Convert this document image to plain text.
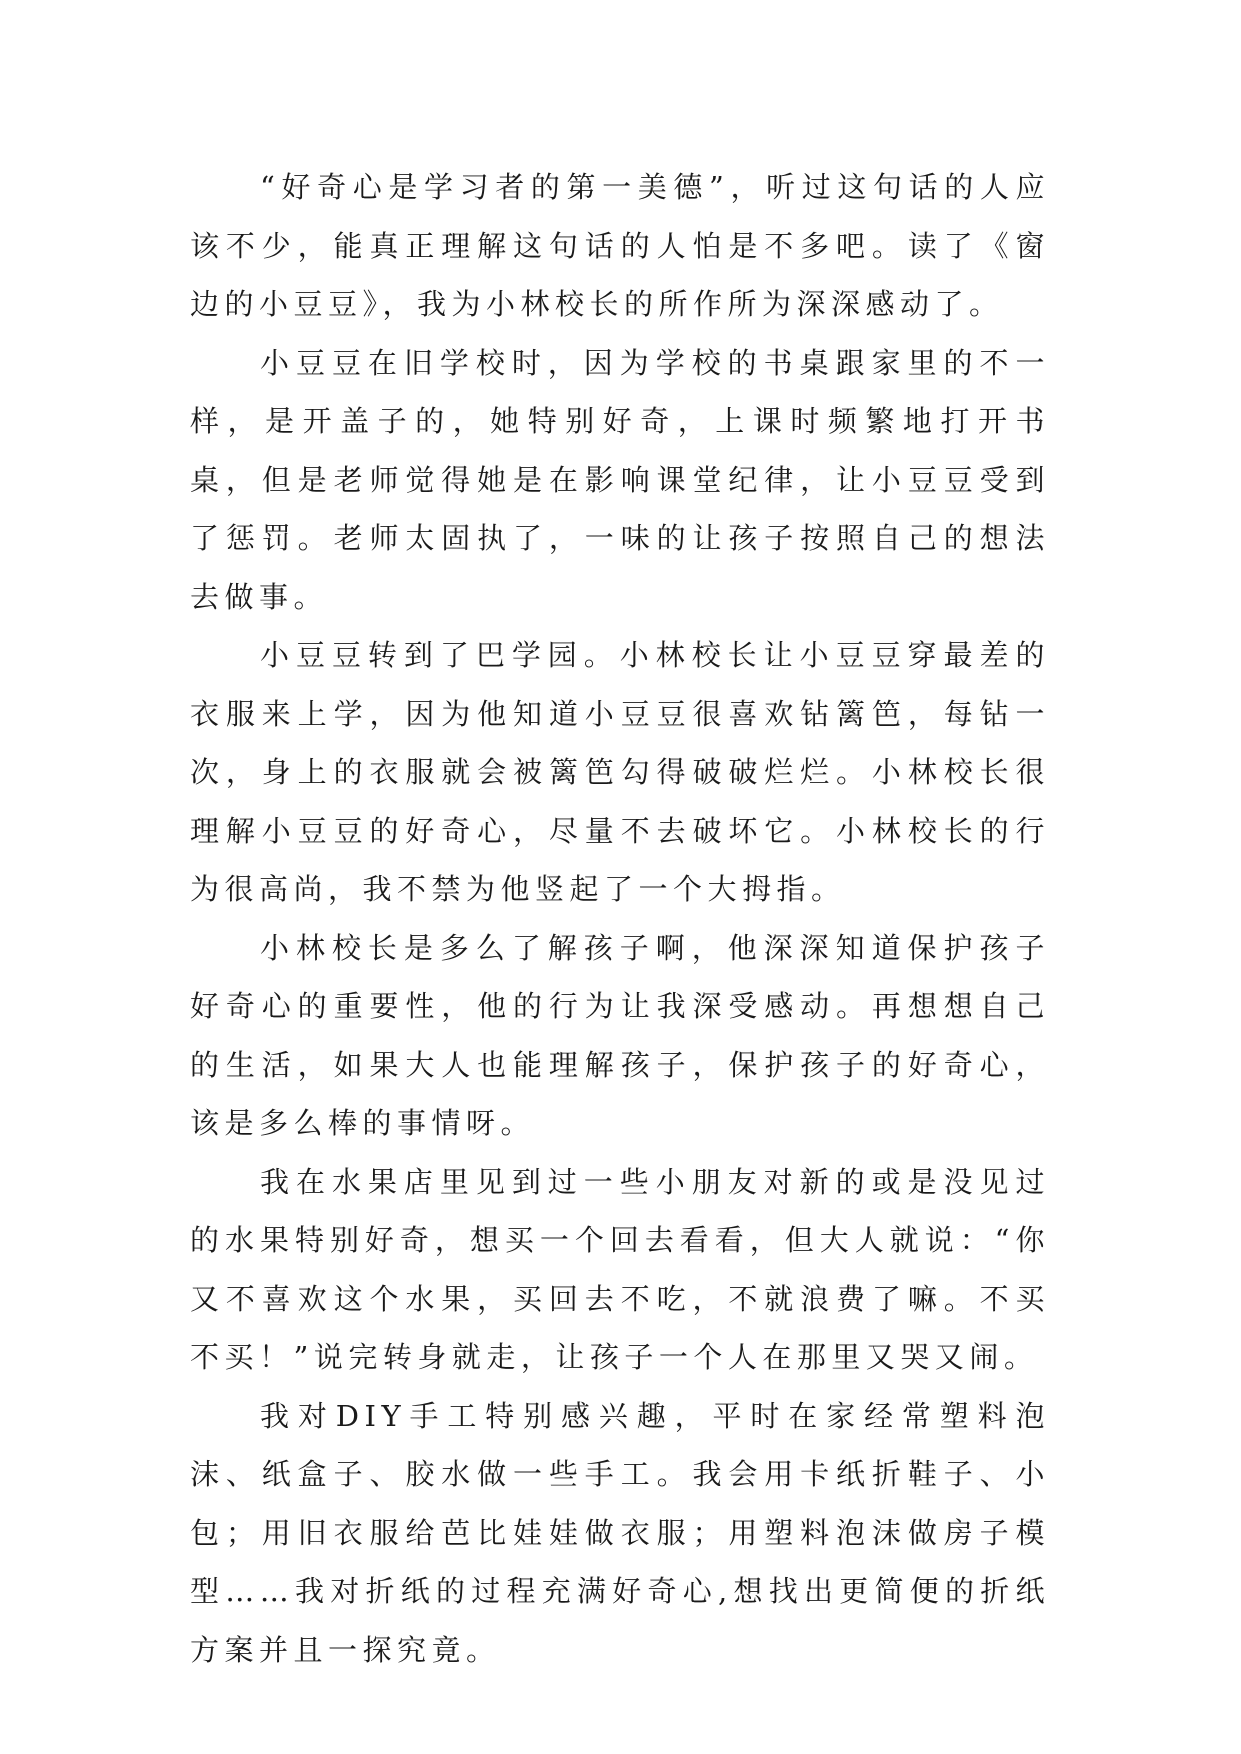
“好奇心是学习者的第一美德”，听过这句话的人应该不少，能真正理解这句话的人怕是不多吧。读了《窗边的小豆豆》，我为小林校长的所作所为深深感动了。

小豆豆在旧学校时，因为学校的书桌跟家里的不一样，是开盖子的，她特别好奇，上课时频繁地打开书桌，但是老师觉得她是在影响课堂纪律，让小豆豆受到了惩罚。老师太固执了，一味的让孩子按照自己的想法去做事。

小豆豆转到了巴学园。小林校长让小豆豆穿最差的衣服来上学，因为他知道小豆豆很喜欢钻篱笆，每钻一次，身上的衣服就会被篱笆勾得破破烂烂。小林校长很理解小豆豆的好奇心，尽量不去破坏它。小林校长的行为很高尚，我不禁为他竖起了一个大拇指。

小林校长是多么了解孩子啊，他深深知道保护孩子好奇心的重要性，他的行为让我深受感动。再想想自己的生活，如果大人也能理解孩子，保护孩子的好奇心，该是多么棒的事情呀。

我在水果店里见到过一些小朋友对新的或是没见过的水果特别好奇，想买一个回去看看，但大人就说：“你又不喜欢这个水果，买回去不吃，不就浪费了嘛。不买不买！”说完转身就走，让孩子一个人在那里又哭又闹。

我对DIY手工特别感兴趣，平时在家经常塑料泡沫、纸盒子、胶水做一些手工。我会用卡纸折鞋子、小包；用旧衣服给芭比娃娃做衣服；用塑料泡沫做房子模型……我对折纸的过程充满好奇心,想找出更简便的折纸方案并且一探究竟。
